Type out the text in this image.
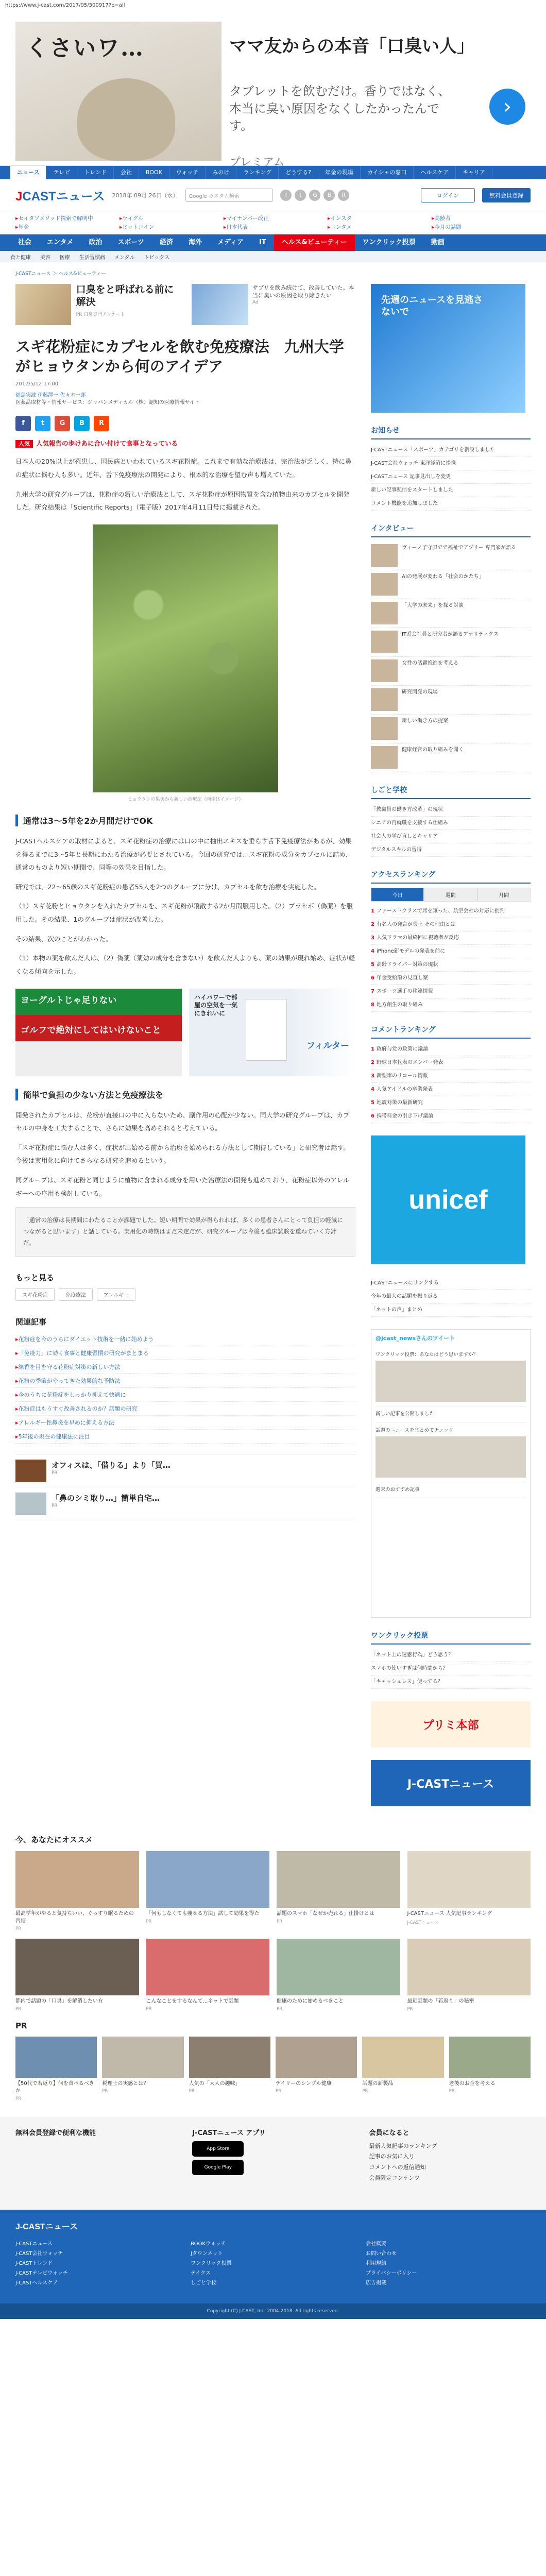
https://www.j-cast.com/2017/05/300917?p=all
くさいワ…	ママ友からの本音「口臭い人」

タブレットを飲むだけ。香りではなく、本当に臭い原因をなくしたかったんです。

プレミアム
›
ニュース	テレビ	トレンド	会社	BOOK	ウォッチ	みのけ	ランキング	どうする?	年金の現場	カイシャの窓口	ヘルスケア	キャリア
JCASTニュース 2018年 09月 26日（水）	Google カスタム検索	f	t	G	B	R	ログイン	無料会員登録
▸ セイタソメソッド探索で解明中	▸ ウイグル	▸ マイナンバー改正	▸ インスタ	▸ 高齢者
▸ 年金	▸ ビットコイン	▸ 日本代表	▸ エンタメ	▸ 今月の話題
社会	エンタメ	政治	スポーツ	経済	海外	メディア	IT	ヘルス&ビューティー	ワンクリック投票	動画
食と健康 美容 医療 生活習慣病 メンタル トピックス
J-CASTニュース ＞ ヘルス&ビューティー
口臭をと呼ばれる前に解決
PR 口臭専門アンケート
サプリを飲み続けて、改善していた。本当に臭いの原因を取り除きたい
Ad
スギ花粉症にカプセルを飲む免疫療法　九州大学がヒョウタンから何のアイデア
2017/5/12 17:00
福島実波 伊藤澤一 佐々木一郎
医薬品取材等・情報サービス：ジャパンメディカル（株）認知の医療情報サイト
f	t	G	B	R
人気 人気報告の歩けあに合い付けて食事となっている

日本人の20%以上が罹患し、国民病といわれているスギ花粉症。これまで有効な治療法は、完治法が乏しく、特に鼻の症状に悩む人も多い。近年、舌下免疫療法の開発により、根本的な治療を望む声も増えていた。

九州大学の研究グループは、花粉症の新しい治療法として、スギ花粉症が原因物質を含む植物由来のカプセルを開発した。研究結果は「Scientific Reports」（電子版）2017年4月11日号に掲載された。

ヒョウタンの果実から新しい治療法（画像はイメージ）
通常は3〜5年を2か月間だけでOK

J-CASTヘルスケアの取材によると、スギ花粉症の治療には口の中に抽出エキスを垂らす舌下免疫療法があるが、効果を得るまでに3〜5年と長期にわたる治療が必要とされている。今回の研究では、スギ花粉の成分をカプセルに詰め、通常のものより短い期間で、同等の効果を目指した。

研究では、22〜65歳のスギ花粉症の患者55人を2つのグループに分け、カプセルを飲む治療を実施した。

（1）スギ花粉とヒョウタンを入れたカプセルを、スギ花粉が飛散する2か月間服用した。（2）プラセボ（偽薬）を服用した。その結果、1のグループは症状が改善した。

その結果、次のことがわかった。

（1）本物の薬を飲んだ人は、（2）偽薬（薬効の成分を含まない）を飲んだ人よりも、薬の効果が現れ始め、症状が軽くなる傾向を示した。

ヨーグルトじゃ足りない
ゴルフで絶対にしてはいけないこと
ハイパワーで部屋の空気を一気にきれいに
フィルター
簡単で負担の少ない方法と免疫療法を

開発されたカプセルは、花粉が直接口の中に入らないため、副作用の心配が少ない。同大学の研究グループは、カプセルの中身を工夫することで、さらに効果を高められると考えている。

「スギ花粉症に悩む人は多く、症状が出始める前から治療を始められる方法として期待している」と研究者は話す。今後は実用化に向けてさらなる研究を進めるという。

同グループは、スギ花粉と同じように植物に含まれる成分を用いた治療法の開発も進めており、花粉症以外のアレルギーへの応用も検討している。

「通常の治療は長期間にわたることが課題でした。短い期間で効果が得られれば、多くの患者さんにとって負担の軽減につながると思います」と話している。実用化の時期はまだ未定だが、研究グループは今後も臨床試験を重ねていく方針だ。
もっと見る
スギ花粉症	免疫療法	アレルギー
関連記事
▸ 花粉症を今のうちにダイエット技術を一緒に始めよう
▸ 「免疫力」に効く食事と健康習慣の研究がまとまる
▸ 線香を目を守る花粉症対策の新しい方法
▸ 花粉の季節がやってきた効果的な予防法
▸ 今のうちに花粉症をしっかり抑えて快適に
▸ 花粉症はもうすぐ改善されるのか？話題の研究
▸ アレルギー性鼻炎を早めに抑える方法
▸ 5年後の現在の健康法に注目
オフィスは、「借りる」より「買…
PR
「鼻のシミ取り…」簡単自宅…
PR
先週のニュースを見逃さないで
お知らせ
J-CASTニュース「スポーツ」カテゴリを新設しました
J-CAST会社ウォッチ 東洋経済に提携
J-CASTニュース 記事見出しを変更
新しい記事配信をスタートしました
コメント機能を追加しました
インタビュー
ヴィーノ子守唄でで福祉でアプリー 専門家が語る
AIの発展が変わる「社会のかたち」
「大学の未来」を探る対談
IT系会社員と研究者が語るアナリティクス
女性の活躍推進を考える
研究開発の現場
新しい働き方の提案
健康経営の取り組みを聞く
しごと学校
「教職員の働き方改革」の現状
シニアの再就職を支援する仕組み
社会人の学び直しとキャリア
デジタルスキルの習得
アクセスランキング
今日	週間	月間
1 ファーストクラスで席を譲った、航空会社の対応に批判
2 有名人の発言が炎上 その理由とは
3 人気ドラマの最終回に視聴者が反応
4 iPhone新モデルの発表を前に
5 高齢ドライバー対策の現状
6 年金受給額の見直し案
7 スポーツ選手の移籍情報
8 地方創生の取り組み
コメントランキング
1 政府与党の政策に議論
2 野球日本代表のメンバー発表
3 新型車のリコール情報
4 人気アイドルの卒業発表
5 地震対策の最新研究
6 携帯料金の引き下げ議論
unicef
J-CASTニュースにリンクする
今年の最大の話題を振り返る
「ネットの声」まとめ
@jcast_newsさんのツイート
ワンクリック投票：あなたはどう思いますか？
新しい記事を公開しました
話題のニュースをまとめてチェック
週末のおすすめ記事
ワンクリック投票
「ネット上の迷惑行為」どう思う？
スマホの使いすぎは何時間から？
「キャッシュレス」使ってる？
プリミ本部
J-CASTニュース
今、あなたにオススメ
最高学年がやると気持ちいい、ぐっすり眠るための習慣
PR
「何もしなくても痩せる方法」試して効果を得た
PR
話題のスマホ「なぜか売れる」仕掛けとは
PR
J-CASTニュース 人気記事ランキング
J-CASTニュース
都内で話題の「口臭」を解消したい方
PR
こんなことをするなんて…ネットで話題
PR
健康のために始めるべきこと
PR
最近話題の「若返り」の秘密
PR
PR
【50代で若返り】何を食べるべきか
PR
税理士の実感とは？
PR
人気の「大人の趣味」
PR
デイリーのシンプル健康
PR
話題の新製品
PR
老後のお金を考える
PR
無料会員登録で便利な機能	J-CASTニュース アプリ
App Store
Google Play
会員になると
最新人気記事のランキング
記事のお気に入り
コメントへの返信通知
会員限定コンテンツ
J-CASTニュース
J-CASTニュース
J-CAST会社ウォッチ
J-CASTトレンド
J-CASTテレビウォッチ
J-CASTヘルスケア
BOOKウォッチ
Jタウンネット
ワンクリック投票
テイクス
しごと学校
会社概要
お問い合わせ
利用規約
プライバシーポリシー
広告掲載
Copyright (C) J-CAST, Inc. 2004-2018. All rights reserved.
